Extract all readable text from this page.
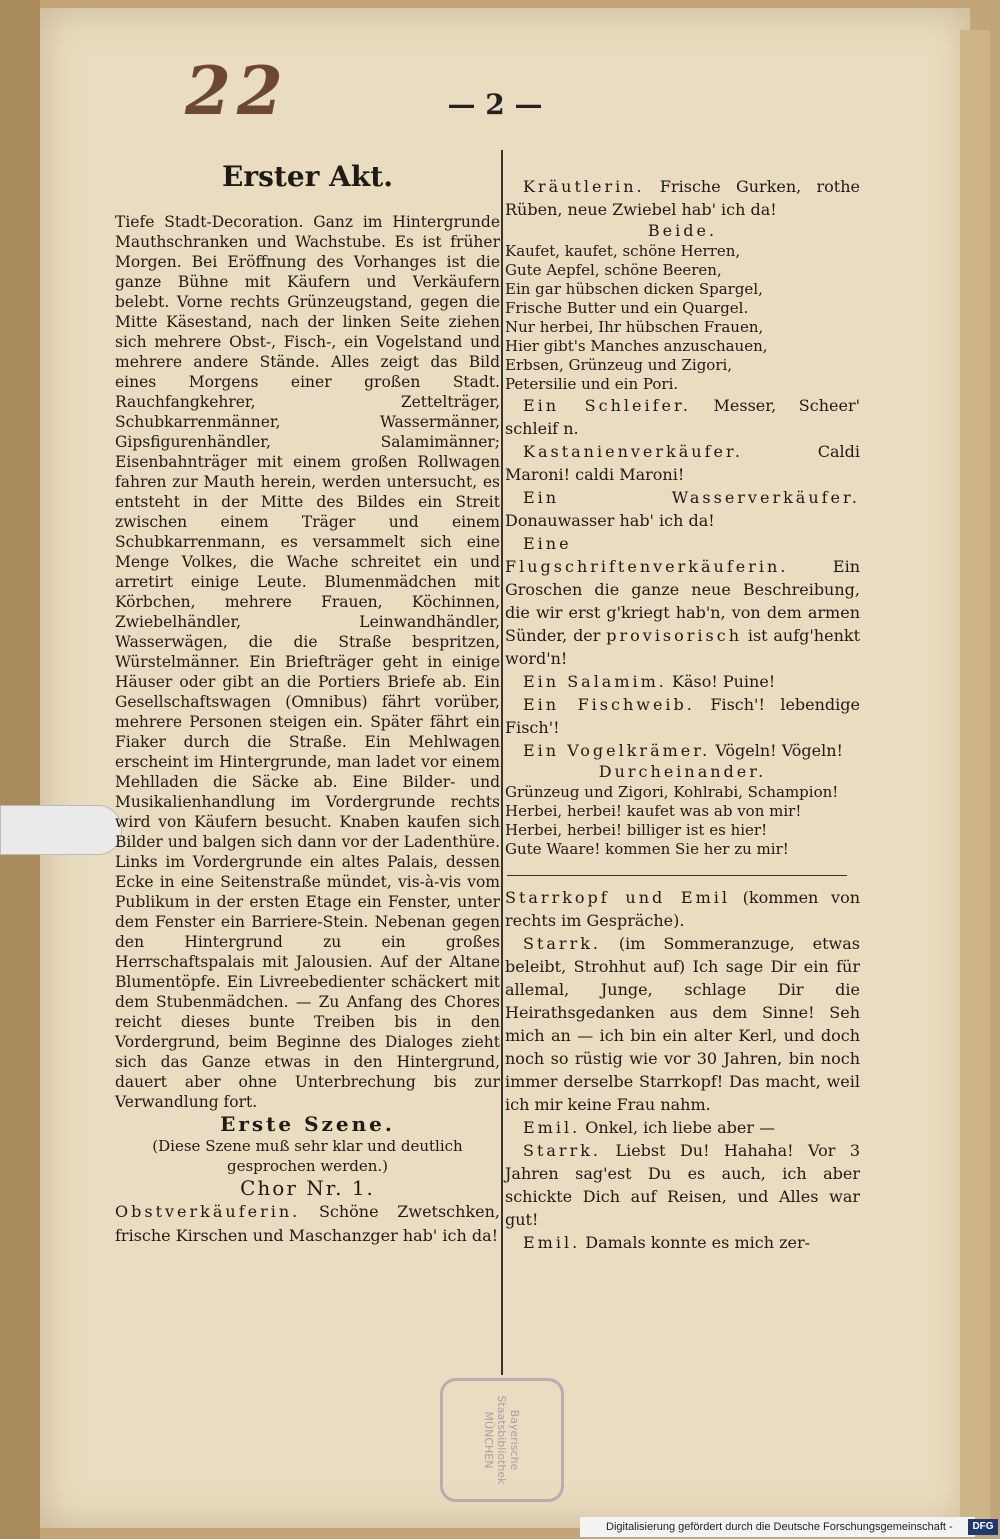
22	— 2 —

Erster Akt.

Tiefe Stadt-Decoration. Ganz im Hintergrunde Mauthschranken und Wachstube. Es ist früher Morgen. Bei Eröffnung des Vorhanges ist die ganze Bühne mit Käufern und Verkäufern belebt. Vorne rechts Grünzeugstand, gegen die Mitte Käsestand, nach der linken Seite ziehen sich mehrere Obst-, Fisch-, ein Vogelstand und mehrere andere Stände. Alles zeigt das Bild eines Morgens einer großen Stadt. Rauchfangkehrer, Zettelträger, Schubkarrenmänner, Wassermänner, Gipsfigurenhändler, Salamimänner; Eisenbahnträger mit einem großen Rollwagen fahren zur Mauth herein, werden untersucht, es entsteht in der Mitte des Bildes ein Streit zwischen einem Träger und einem Schubkarrenmann, es versammelt sich eine Menge Volkes, die Wache schreitet ein und arretirt einige Leute. Blumenmädchen mit Körbchen, mehrere Frauen, Köchinnen, Zwiebelhändler, Leinwandhändler, Wasserwägen, die die Straße bespritzen, Würstelmänner. Ein Briefträger geht in einige Häuser oder gibt an die Portiers Briefe ab. Ein Gesellschaftswagen (Omnibus) fährt vorüber, mehrere Personen steigen ein. Später fährt ein Fiaker durch die Straße. Ein Mehlwagen erscheint im Hintergrunde, man ladet vor einem Mehlladen die Säcke ab. Eine Bilder- und Musikalienhandlung im Vordergrunde rechts wird von Käufern besucht. Knaben kaufen sich Bilder und balgen sich dann vor der Ladenthüre. Links im Vordergrunde ein altes Palais, dessen Ecke in eine Seitenstraße mündet, vis-à-vis vom Publikum in der ersten Etage ein Fenster, unter dem Fenster ein Barriere-Stein. Nebenan gegen den Hintergrund zu ein großes Herrschaftspalais mit Jalousien. Auf der Altane Blumentöpfe. Ein Livreebedienter schäckert mit dem Stubenmädchen. — Zu Anfang des Chores reicht dieses bunte Treiben bis in den Vordergrund, beim Beginne des Dialoges zieht sich das Ganze etwas in den Hintergrund, dauert aber ohne Unterbrechung bis zur Verwandlung fort.

Erste Szene.

(Diese Szene muß sehr klar und deutlich gesprochen werden.)

Chor Nr. 1.

Obstverkäuferin. Schöne Zwetschken, frische Kirschen und Maschanzger hab' ich da!

Kräutlerin. Frische Gurken, rothe Rüben, neue Zwiebel hab' ich da!

Beide.

Kaufet, kaufet, schöne Herren,
Gute Aepfel, schöne Beeren,
Ein gar hübschen dicken Spargel,
Frische Butter und ein Quargel.
Nur herbei, Ihr hübschen Frauen,
Hier gibt's Manches anzuschauen,
Erbsen, Grünzeug und Zigori,
Petersilie und ein Pori.

Ein Schleifer. Messer, Scheer' schleif n.

Kastanienverkäufer.	Caldi Maroni! caldi Maroni!

Ein Wasserverkäufer. Donauwasser hab' ich da!

Eine Flugschriftenverkäuferin.	Ein Groschen die ganze neue Beschreibung, die wir erst g'kriegt hab'n, von dem armen Sünder, der provisorisch ist aufg'henkt word'n!

Ein Salamim. Käso! Puine!

Ein Fischweib. Fisch'! lebendige Fisch'!

Ein Vogelkrämer. Vögeln! Vögeln!

Durcheinander.

Grünzeug und Zigori, Kohlrabi, Schampion!
Herbei, herbei! kaufet was ab von mir!
Herbei, herbei! billiger ist es hier!
Gute Waare! kommen Sie her zu mir!

Starrkopf und Emil (kommen von rechts im Gespräche).

Starrk. (im Sommeranzuge, etwas beleibt, Strohhut auf) Ich sage Dir ein für allemal, Junge, schlage Dir die Heirathsgedanken aus dem Sinne! Seh mich an — ich bin ein alter Kerl, und doch noch so rüstig wie vor 30 Jahren, bin noch immer derselbe Starrkopf! Das macht, weil ich mir keine Frau nahm.

Emil. Onkel, ich liebe aber —

Starrk. Liebst Du! Hahaha! Vor 3 Jahren sag'est Du es auch, ich aber schickte Dich auf Reisen, und Alles war gut!

Emil. Damals konnte es mich zer-

Bayerische Staatsbibliothek MÜNCHEN
Digitalisierung gefördert durch die Deutsche Forschungsgemeinschaft -	DFG
